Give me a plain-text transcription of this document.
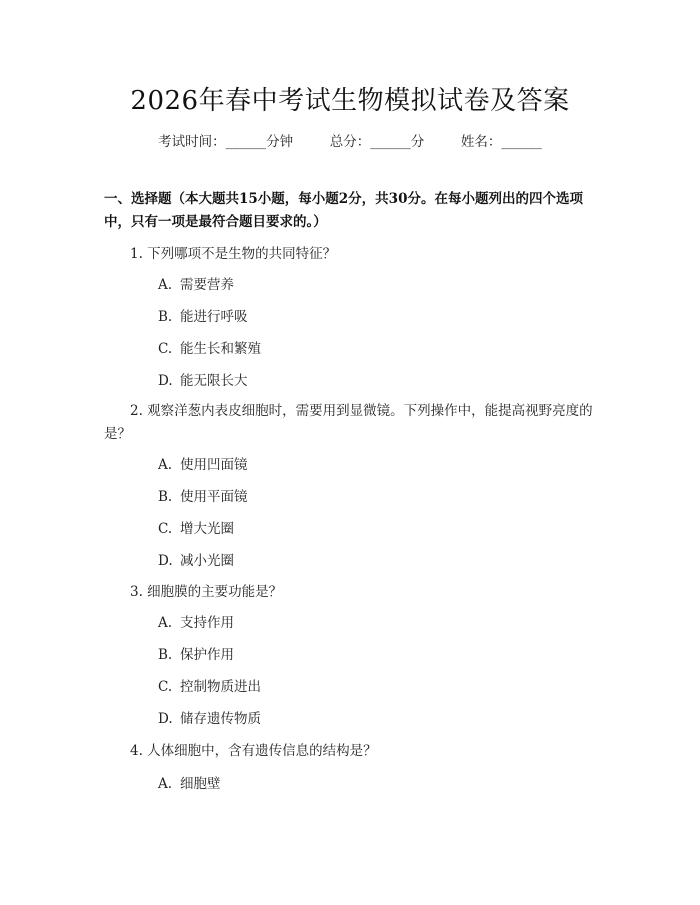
2026年春中考试生物模拟试卷及答案
考试时间：______分钟	总分：______分	姓名：______
一、选择题（本大题共15小题，每小题2分，共30分。在每小题列出的四个选项中，只有一项是最符合题目要求的。）
1. 下列哪项不是生物的共同特征？
A. 需要营养
B. 能进行呼吸
C. 能生长和繁殖
D. 能无限长大
2. 观察洋葱内表皮细胞时，需要用到显微镜。下列操作中，能提高视野亮度的是？
A. 使用凹面镜
B. 使用平面镜
C. 增大光圈
D. 减小光圈
3. 细胞膜的主要功能是？
A. 支持作用
B. 保护作用
C. 控制物质进出
D. 储存遗传物质
4. 人体细胞中，含有遗传信息的结构是？
A. 细胞壁
